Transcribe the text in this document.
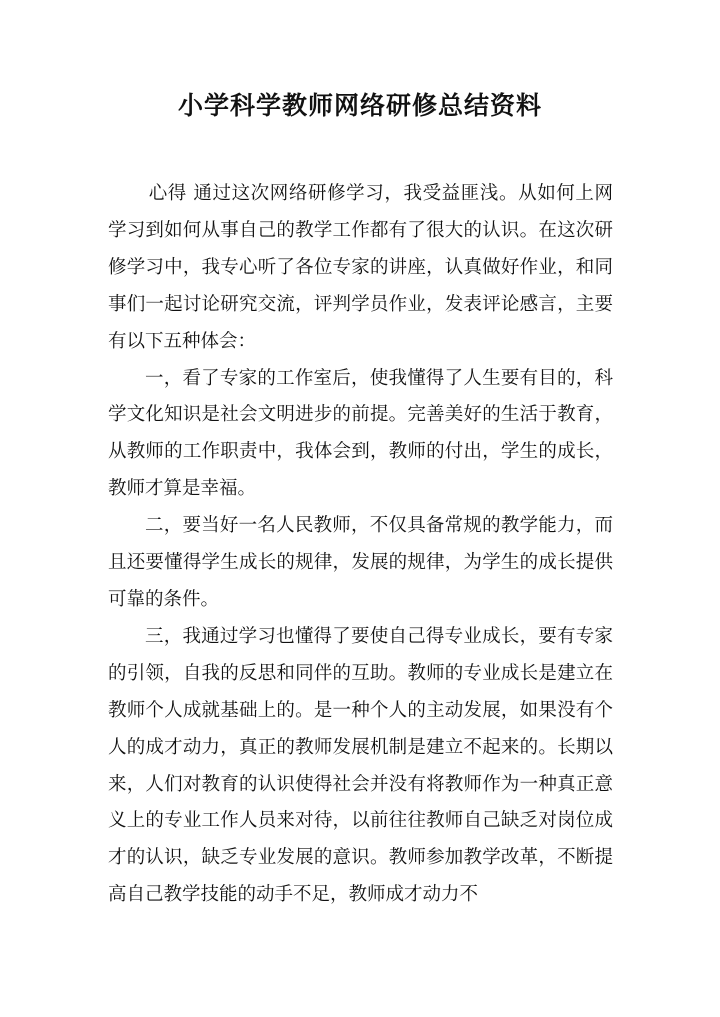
小学科学教师网络研修总结资料

心得 通过这次网络研修学习，我受益匪浅。从如何上网学习到如何从事自己的教学工作都有了很大的认识。在这次研修学习中，我专心听了各位专家的讲座，认真做好作业，和同事们一起讨论研究交流，评判学员作业，发表评论感言，主要有以下五种体会：

一，看了专家的工作室后，使我懂得了人生要有目的，科学文化知识是社会文明进步的前提。完善美好的生活于教育，从教师的工作职责中，我体会到，教师的付出，学生的成长，教师才算是幸福。

二，要当好一名人民教师，不仅具备常规的教学能力，而且还要懂得学生成长的规律，发展的规律，为学生的成长提供可靠的条件。

三，我通过学习也懂得了要使自己得专业成长，要有专家的引领，自我的反思和同伴的互助。教师的专业成长是建立在教师个人成就基础上的。是一种个人的主动发展，如果没有个人的成才动力，真正的教师发展机制是建立不起来的。长期以来，人们对教育的认识使得社会并没有将教师作为一种真正意义上的专业工作人员来对待，以前往往教师自己缺乏对岗位成才的认识，缺乏专业发展的意识。教师参加教学改革，不断提高自己教学技能的动手不足，教师成才动力不
